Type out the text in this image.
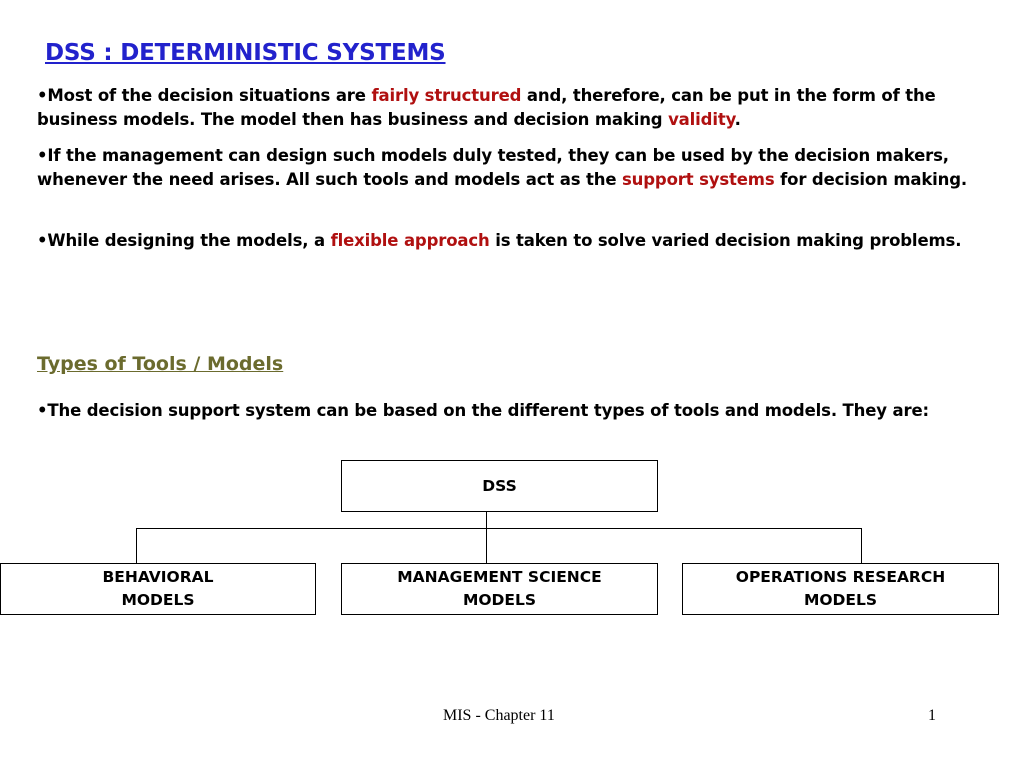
DSS : DETERMINISTIC SYSTEMS
•Most of the decision situations are fairly structured and, therefore, can be put in the form of the business models. The model then has business and decision making validity.
•If the management can design such models duly tested, they can be used by the decision makers, whenever the need arises. All such tools and models act as the support systems for decision making.
•While designing the models, a flexible approach is taken to solve varied decision making problems.
Types of Tools / Models
•The decision support system can be based on the different types of tools and models. They are:
DSS
BEHAVIORAL
MODELS
MANAGEMENT SCIENCE
MODELS
OPERATIONS RESEARCH
MODELS
MIS - Chapter 11	1
